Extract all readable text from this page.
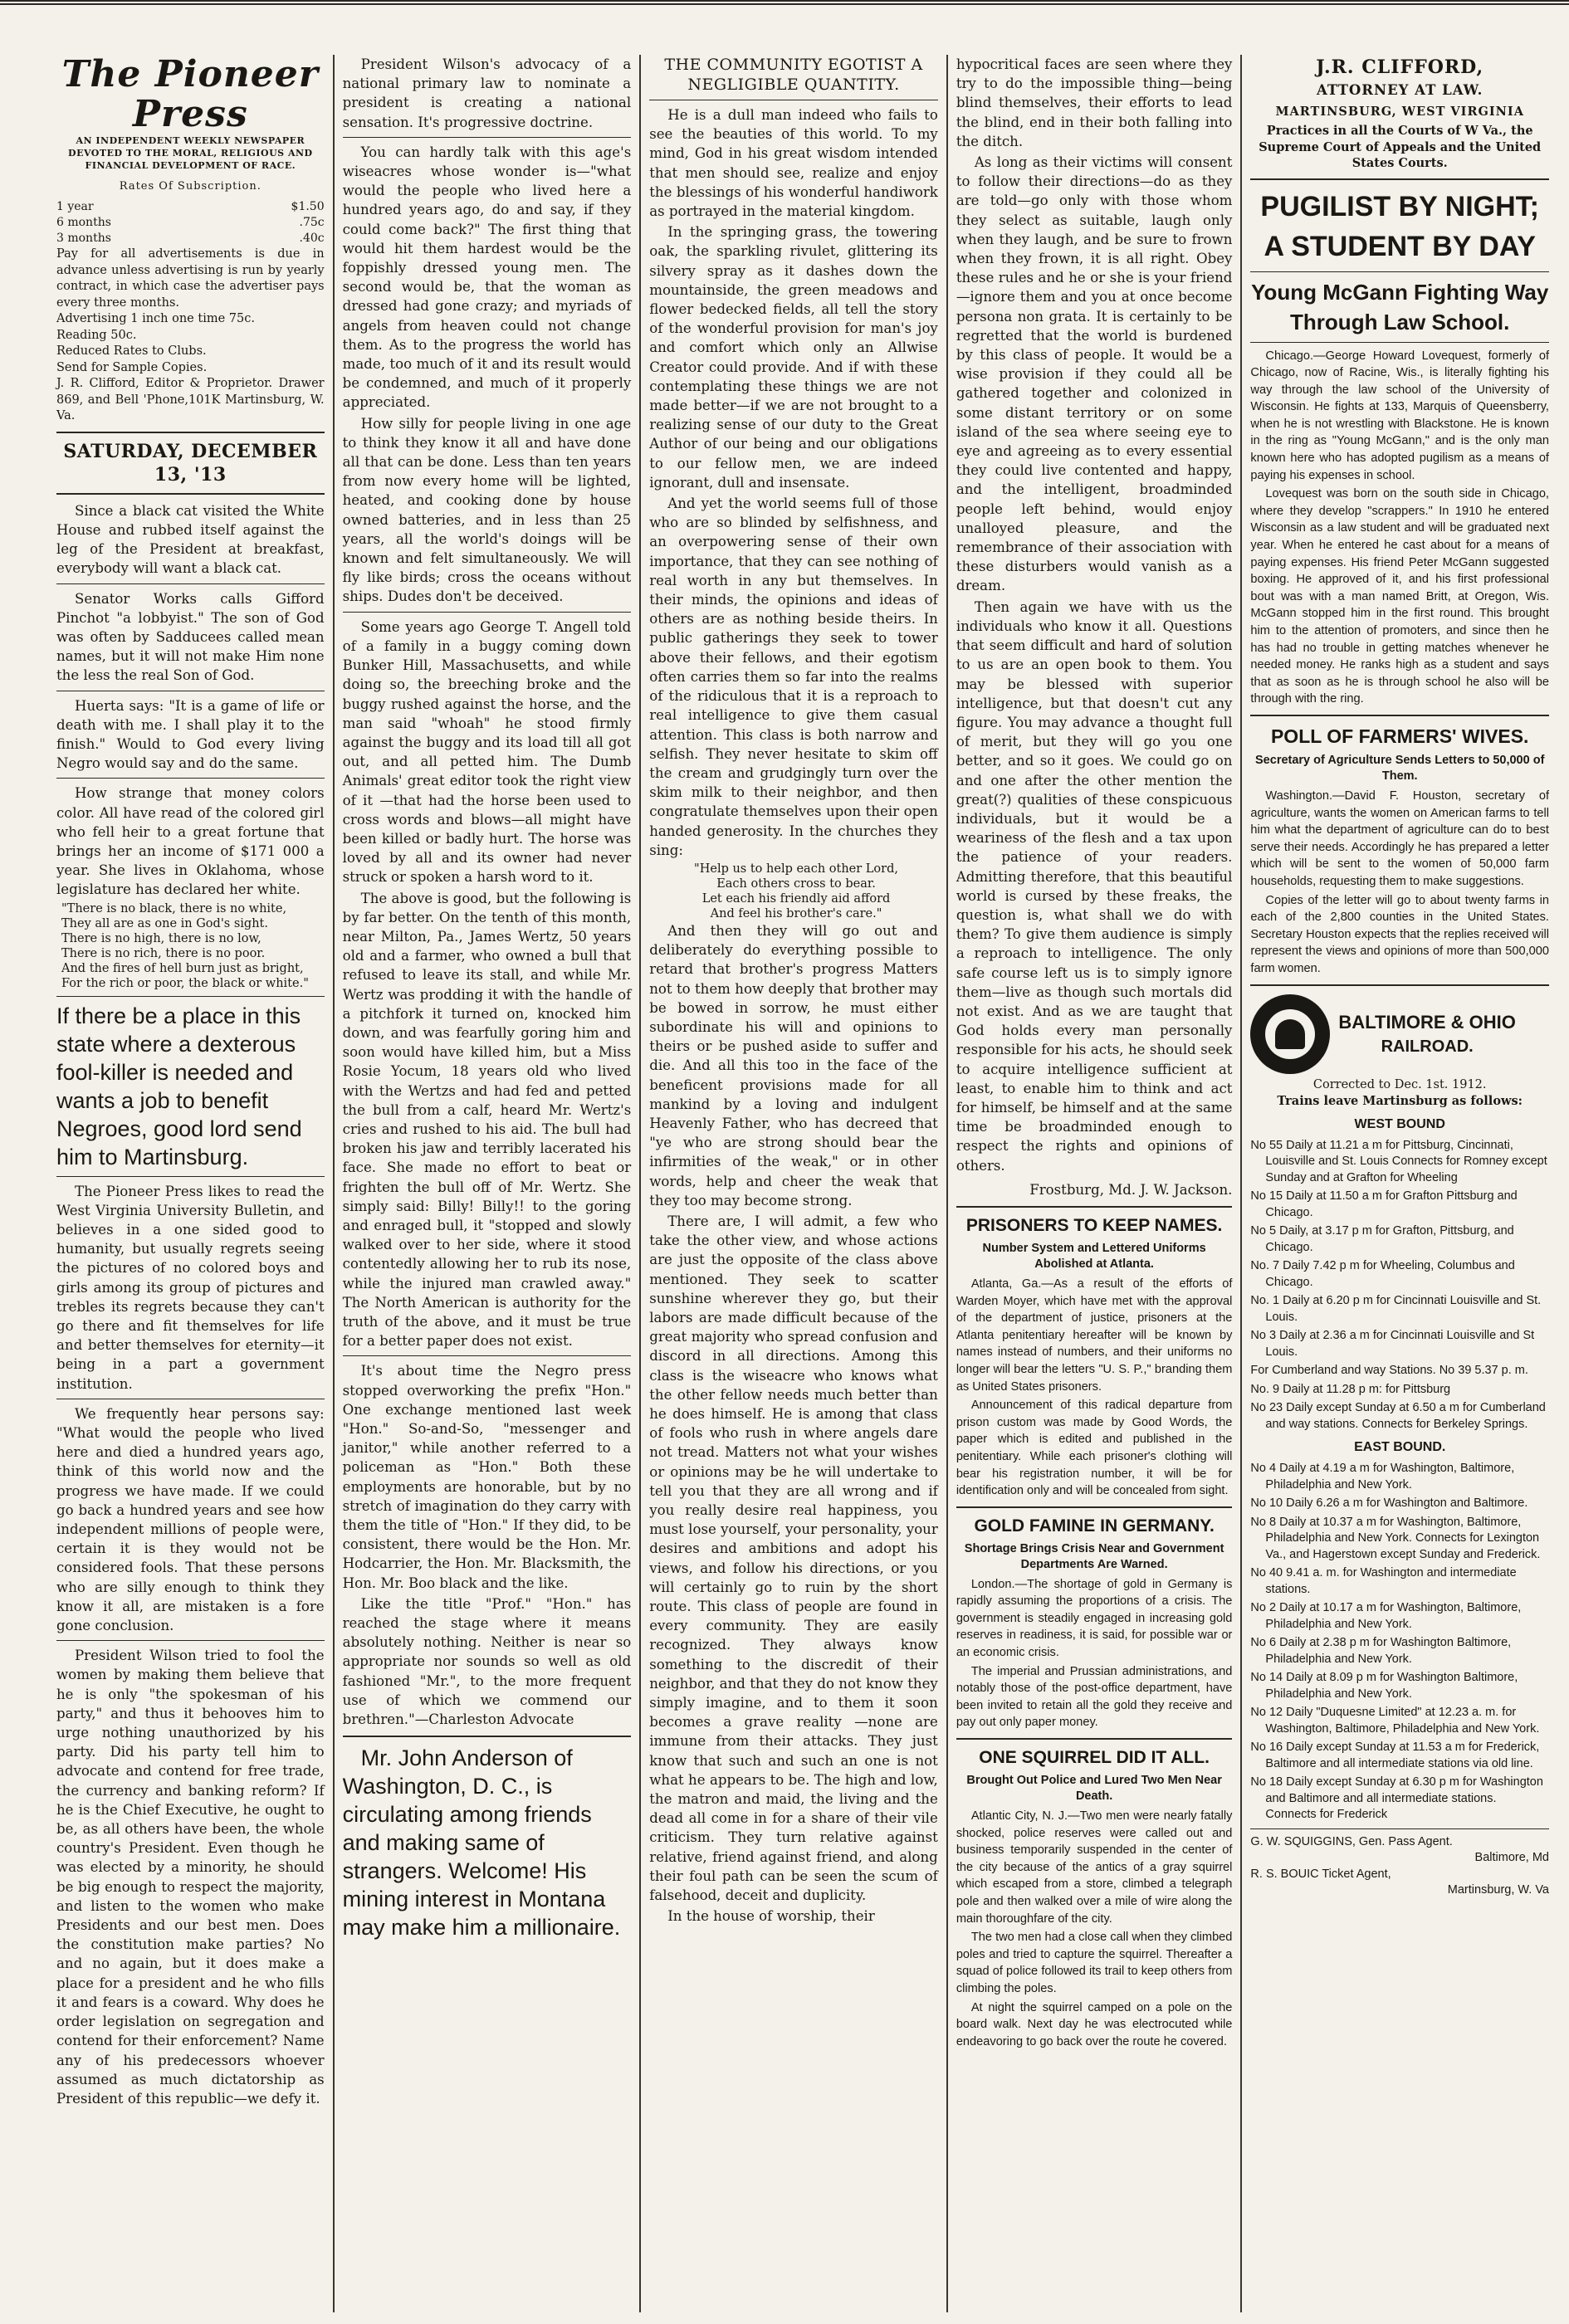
The Pioneer Press
AN INDEPENDENT WEEKLY NEWSPAPER DEVOTED TO THE MORAL, RELIGIOUS AND FINANCIAL DEVELOPMENT OF RACE.
Rates Of Subscription.
1 year	$1.50
6 months	.75c
3 months	.40c
Pay for all advertisements is due in advance unless advertising is run by yearly contract, in which case the advertiser pays every three months.
Advertising 1 inch one time 75c.
Reading 50c.
Reduced Rates to Clubs.
Send for Sample Copies.
J. R. Clifford, Editor & Proprietor. Drawer 869, and Bell 'Phone,101K Martinsburg, W. Va.
SATURDAY, DECEMBER 13, '13

Since a black cat visited the White House and rubbed itself against the leg of the President at breakfast, everybody will want a black cat.

Senator Works calls Gifford Pinchot "a lobbyist." The son of God was often by Sadducees called mean names, but it will not make Him none the less the real Son of God.

Huerta says: "It is a game of life or death with me. I shall play it to the finish." Would to God every living Negro would say and do the same.

How strange that money colors color. All have read of the colored girl who fell heir to a great fortune that brings her an income of $171 000 a year. She lives in Oklahoma, whose legislature has declared her white.

"There is no black, there is no white,
They all are as one in God's sight.
There is no high, there is no low,
There is no rich, there is no poor.
And the fires of hell burn just as bright,
For the rich or poor, the black or white."

If there be a place in this state where a dexterous fool-killer is needed and wants a job to benefit Negroes, good lord send him to Martinsburg.

The Pioneer Press likes to read the West Virginia University Bulletin, and believes in a one sided good to humanity, but usually regrets seeing the pictures of no colored boys and girls among its group of pictures and trebles its regrets because they can't go there and fit themselves for life and better themselves for eternity—it being in a part a government institution.

We frequently hear persons say: "What would the people who lived here and died a hundred years ago, think of this world now and the progress we have made. If we could go back a hundred years and see how independent millions of people were, certain it is they would not be considered fools. That these persons who are silly enough to think they know it all, are mistaken is a fore gone conclusion.

President Wilson tried to fool the women by making them believe that he is only "the spokesman of his party," and thus it behooves him to urge nothing unauthorized by his party. Did his party tell him to advocate and contend for free trade, the currency and banking reform? If he is the Chief Executive, he ought to be, as all others have been, the whole country's President. Even though he was elected by a minority, he should be big enough to respect the majority, and listen to the women who make Presidents and our best men. Does the constitution make parties? No and no again, but it does make a place for a president and he who fills it and fears is a coward. Why does he order legislation on segregation and contend for their enforcement? Name any of his predecessors whoever assumed as much dictatorship as President of this republic—we defy it.

President Wilson's advocacy of a national primary law to nominate a president is creating a national sensation. It's progressive doctrine.

You can hardly talk with this age's wiseacres whose wonder is—"what would the people who lived here a hundred years ago, do and say, if they could come back?" The first thing that would hit them hardest would be the foppishly dressed young men. The second would be, that the woman as dressed had gone crazy; and myriads of angels from heaven could not change them. As to the progress the world has made, too much of it and its result would be condemned, and much of it properly appreciated.

How silly for people living in one age to think they know it all and have done all that can be done. Less than ten years from now every home will be lighted, heated, and cooking done by house owned batteries, and in less than 25 years, all the world's doings will be known and felt simultaneously. We will fly like birds; cross the oceans without ships. Dudes don't be deceived.

Some years ago George T. Angell told of a family in a buggy coming down Bunker Hill, Massachusetts, and while doing so, the breeching broke and the buggy rushed against the horse, and the man said "whoah" he stood firmly against the buggy and its load till all got out, and all petted him. The Dumb Animals' great editor took the right view of it —that had the horse been used to cross words and blows—all might have been killed or badly hurt. The horse was loved by all and its owner had never struck or spoken a harsh word to it.

The above is good, but the following is by far better. On the tenth of this month, near Milton, Pa., James Wertz, 50 years old and a farmer, who owned a bull that refused to leave its stall, and while Mr. Wertz was prodding it with the handle of a pitchfork it turned on, knocked him down, and was fearfully goring him and soon would have killed him, but a Miss Rosie Yocum, 18 years old who lived with the Wertzs and had fed and petted the bull from a calf, heard Mr. Wertz's cries and rushed to his aid. The bull had broken his jaw and terribly lacerated his face. She made no effort to beat or frighten the bull off of Mr. Wertz. She simply said: Billy! Billy!! to the goring and enraged bull, it "stopped and slowly walked over to her side, where it stood contentedly allowing her to rub its nose, while the injured man crawled away." The North American is authority for the truth of the above, and it must be true for a better paper does not exist.

It's about time the Negro press stopped overworking the prefix "Hon." One exchange mentioned last week "Hon." So-and-So, "messenger and janitor," while another referred to a policeman as "Hon." Both these employments are honorable, but by no stretch of imagination do they carry with them the title of "Hon." If they did, to be consistent, there would be the Hon. Mr. Hodcarrier, the Hon. Mr. Blacksmith, the Hon. Mr. Boo black and the like.

Like the title "Prof." "Hon." has reached the stage where it means absolutely nothing. Neither is near so appropriate nor sounds so well as old fashioned "Mr.", to the more frequent use of which we commend our brethren."—Charleston Advocate

Mr. John Anderson of Washington, D. C., is circulating among friends and making same of strangers. Welcome! His mining interest in Montana may make him a millionaire.

THE COMMUNITY EGOTIST A NEGLIGIBLE QUANTITY.

He is a dull man indeed who fails to see the beauties of this world. To my mind, God in his great wisdom intended that men should see, realize and enjoy the blessings of his wonderful handiwork as portrayed in the material kingdom.

In the springing grass, the towering oak, the sparkling rivulet, glittering its silvery spray as it dashes down the mountainside, the green meadows and flower bedecked fields, all tell the story of the wonderful provision for man's joy and comfort which only an Allwise Creator could provide. And if with these contemplating these things we are not made better—if we are not brought to a realizing sense of our duty to the Great Author of our being and our obligations to our fellow men, we are indeed ignorant, dull and insensate.

And yet the world seems full of those who are so blinded by selfishness, and an overpowering sense of their own importance, that they can see nothing of real worth in any but themselves. In their minds, the opinions and ideas of others are as nothing beside theirs. In public gatherings they seek to tower above their fellows, and their egotism often carries them so far into the realms of the ridiculous that it is a reproach to real intelligence to give them casual attention. This class is both narrow and selfish. They never hesitate to skim off the cream and grudgingly turn over the skim milk to their neighbor, and then congratulate themselves upon their open handed generosity. In the churches they sing:

"Help us to help each other Lord,
Each others cross to bear.
Let each his friendly aid afford
And feel his brother's care."

And then they will go out and deliberately do everything possible to retard that brother's progress Matters not to them how deeply that brother may be bowed in sorrow, he must either subordinate his will and opinions to theirs or be pushed aside to suffer and die. And all this too in the face of the beneficent provisions made for all mankind by a loving and indulgent Heavenly Father, who has decreed that "ye who are strong should bear the infirmities of the weak," or in other words, help and cheer the weak that they too may become strong.

There are, I will admit, a few who take the other view, and whose actions are just the opposite of the class above mentioned. They seek to scatter sunshine wherever they go, but their labors are made difficult because of the great majority who spread confusion and discord in all directions. Among this class is the wiseacre who knows what the other fellow needs much better than he does himself. He is among that class of fools who rush in where angels dare not tread. Matters not what your wishes or opinions may be he will undertake to tell you that they are all wrong and if you really desire real happiness, you must lose yourself, your personality, your desires and ambitions and adopt his views, and follow his directions, or you will certainly go to ruin by the short route. This class of people are found in every community. They are easily recognized. They always know something to the discredit of their neighbor, and that they do not know they simply imagine, and to them it soon becomes a grave reality —none are immune from their attacks. They just know that such and such an one is not what he appears to be. The high and low, the matron and maid, the living and the dead all come in for a share of their vile criticism. They turn relative against relative, friend against friend, and along their foul path can be seen the scum of falsehood, deceit and duplicity.

In the house of worship, their

hypocritical faces are seen where they try to do the impossible thing—being blind themselves, their efforts to lead the blind, end in their both falling into the ditch.

As long as their victims will consent to follow their directions—do as they are told—go only with those whom they select as suitable, laugh only when they laugh, and be sure to frown when they frown, it is all right. Obey these rules and he or she is your friend—ignore them and you at once become persona non grata. It is certainly to be regretted that the world is burdened by this class of people. It would be a wise provision if they could all be gathered together and colonized in some distant territory or on some island of the sea where seeing eye to eye and agreeing as to every essential they could live contented and happy, and the intelligent, broadminded people left behind, would enjoy unalloyed pleasure, and the remembrance of their association with these disturbers would vanish as a dream.

Then again we have with us the individuals who know it all. Questions that seem difficult and hard of solution to us are an open book to them. You may be blessed with superior intelligence, but that doesn't cut any figure. You may advance a thought full of merit, but they will go you one better, and so it goes. We could go on and one after the other mention the great(?) qualities of these conspicuous individuals, but it would be a weariness of the flesh and a tax upon the patience of your readers. Admitting therefore, that this beautiful world is cursed by these freaks, the question is, what shall we do with them? To give them audience is simply a reproach to intelligence. The only safe course left us is to simply ignore them—live as though such mortals did not exist. And as we are taught that God holds every man personally responsible for his acts, he should seek to acquire intelligence sufficient at least, to enable him to think and act for himself, be himself and at the same time be broadminded enough to respect the rights and opinions of others.

Frostburg, Md. J. W. Jackson.
PRISONERS TO KEEP NAMES.
Number System and Lettered Uniforms Abolished at Atlanta.

Atlanta, Ga.—As a result of the efforts of Warden Moyer, which have met with the approval of the department of justice, prisoners at the Atlanta penitentiary hereafter will be known by names instead of numbers, and their uniforms no longer will bear the letters "U. S. P.," branding them as United States prisoners.

Announcement of this radical departure from prison custom was made by Good Words, the paper which is edited and published in the penitentiary. While each prisoner's clothing will bear his registration number, it will be for identification only and will be concealed from sight.

GOLD FAMINE IN GERMANY.
Shortage Brings Crisis Near and Government Departments Are Warned.

London.—The shortage of gold in Germany is rapidly assuming the proportions of a crisis. The government is steadily engaged in increasing gold reserves in readiness, it is said, for possible war or an economic crisis.

The imperial and Prussian administrations, and notably those of the post-office department, have been invited to retain all the gold they receive and pay out only paper money.

ONE SQUIRREL DID IT ALL.
Brought Out Police and Lured Two Men Near Death.

Atlantic City, N. J.—Two men were nearly fatally shocked, police reserves were called out and business temporarily suspended in the center of the city because of the antics of a gray squirrel which escaped from a store, climbed a telegraph pole and then walked over a mile of wire along the main thoroughfare of the city.

The two men had a close call when they climbed poles and tried to capture the squirrel. Thereafter a squad of police followed its trail to keep others from climbing the poles.

At night the squirrel camped on a pole on the board walk. Next day he was electrocuted while endeavoring to go back over the route he covered.

J.R. CLIFFORD,
ATTORNEY AT LAW.
MARTINSBURG, WEST VIRGINIA
Practices in all the Courts of W Va., the Supreme Court of Appeals and the United States Courts.
PUGILIST BY NIGHT;
A STUDENT BY DAY
Young McGann Fighting Way Through Law School.

Chicago.—George Howard Lovequest, formerly of Chicago, now of Racine, Wis., is literally fighting his way through the law school of the University of Wisconsin. He fights at 133, Marquis of Queensberry, when he is not wrestling with Blackstone. He is known in the ring as "Young McGann," and is the only man known here who has adopted pugilism as a means of paying his expenses in school.

Lovequest was born on the south side in Chicago, where they develop "scrappers." In 1910 he entered Wisconsin as a law student and will be graduated next year. When he entered he cast about for a means of paying expenses. His friend Peter McGann suggested boxing. He approved of it, and his first professional bout was with a man named Britt, at Oregon, Wis. McGann stopped him in the first round. This brought him to the attention of promoters, and since then he has had no trouble in getting matches whenever he needed money. He ranks high as a student and says that as soon as he is through school he also will be through with the ring.

POLL OF FARMERS' WIVES.
Secretary of Agriculture Sends Letters to 50,000 of Them.

Washington.—David F. Houston, secretary of agriculture, wants the women on American farms to tell him what the department of agriculture can do to best serve their needs. Accordingly he has prepared a letter which will be sent to the women of 50,000 farm households, requesting them to make suggestions.

Copies of the letter will go to about twenty farms in each of the 2,800 counties in the United States. Secretary Houston expects that the replies received will represent the views and opinions of more than 500,000 farm women.

BALTIMORE & OHIO
RAILROAD.
Corrected to Dec. 1st. 1912.
Trains leave Martinsburg as follows:
WEST BOUND
No 55 Daily at 11.21 a m for Pittsburg, Cincinnati, Louisville and St. Louis Connects for Romney except Sunday and at Grafton for Wheeling
No 15 Daily at 11.50 a m for Grafton Pittsburg and Chicago.
No 5 Daily, at 3.17 p m for Grafton, Pittsburg, and Chicago.
No. 7 Daily 7.42 p m for Wheeling, Columbus and Chicago.
No. 1 Daily at 6.20 p m for Cincinnati Louisville and St. Louis.
No 3 Daily at 2.36 a m for Cincinnati Louisville and St Louis.
For Cumberland and way Stations. No 39 5.37 p. m.
No. 9 Daily at 11.28 p m: for Pittsburg
No 23 Daily except Sunday at 6.50 a m for Cumberland and way stations. Connects for Berkeley Springs.
EAST BOUND.
No 4 Daily at 4.19 a m for Washington, Baltimore, Philadelphia and New York.
No 10 Daily 6.26 a m for Washington and Baltimore.
No 8 Daily at 10.37 a m for Washington, Baltimore, Philadelphia and New York. Connects for Lexington Va., and Hagerstown except Sunday and Frederick.
No 40 9.41 a. m. for Washington and intermediate stations.
No 2 Daily at 10.17 a m for Washington, Baltimore, Philadelphia and New York.
No 6 Daily at 2.38 p m for Washington Baltimore, Philadelphia and New York.
No 14 Daily at 8.09 p m for Washington Baltimore, Philadelphia and New York.
No 12 Daily "Duquesne Limited" at 12.23 a. m. for Washington, Baltimore, Philadelphia and New York.
No 16 Daily except Sunday at 11.53 a m for Frederick, Baltimore and all intermediate stations via old line.
No 18 Daily except Sunday at 6.30 p m for Washington and Baltimore and all intermediate stations. Connects for Frederick
G. W. SQUIGGINS, Gen. Pass Agent.
Baltimore, Md
R. S. BOUIC Ticket Agent,
Martinsburg, W. Va
